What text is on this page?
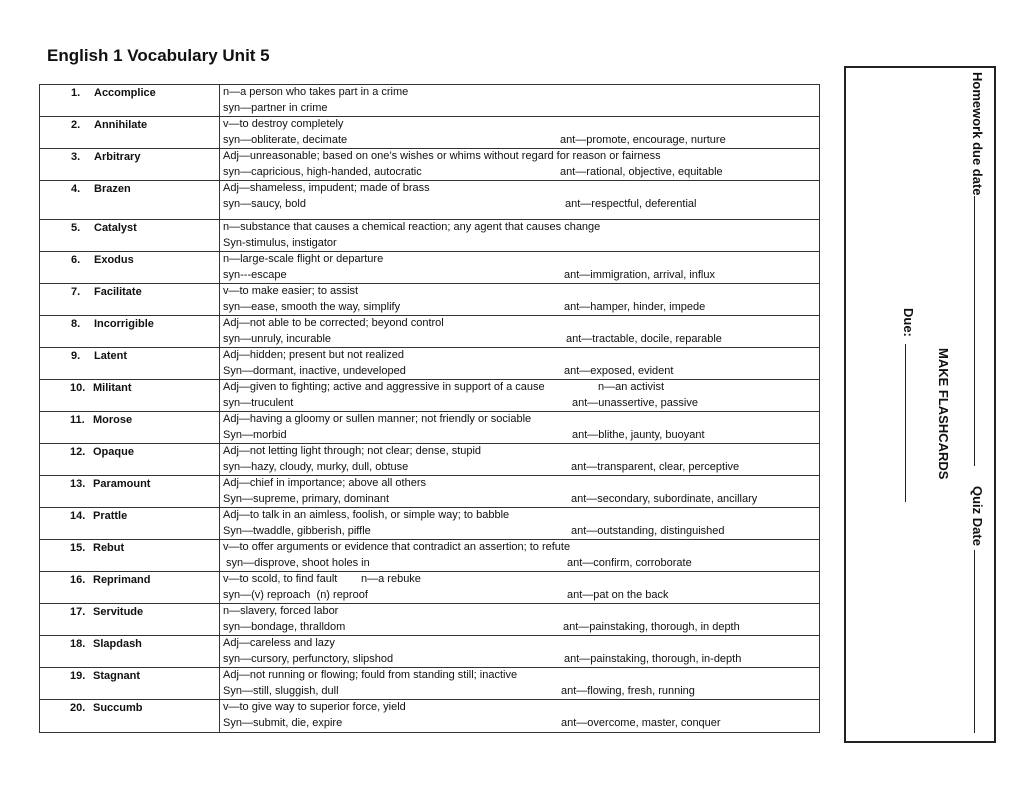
English 1 Vocabulary Unit 5
1. Accomplice	n—a person who takes part in a crime
syn—partner in crime

2. Annihilate	v—to destroy completely
syn—obliterate, decimate ant—promote, encourage, nurture

3. Arbitrary	Adj—unreasonable; based on one’s wishes or whims without regard for reason or fairness
syn—capricious, high-handed, autocratic ant—rational, objective, equitable

4. Brazen	Adj—shameless, impudent; made of brass
syn—saucy, bold ant—respectful, deferential

5. Catalyst	n—substance that causes a chemical reaction; any agent that causes change
Syn-stimulus, instigator

6. Exodus	n—large-scale flight or departure
syn---escape ant—immigration, arrival, influx

7. Facilitate	v—to make easier; to assist
syn—ease, smooth the way, simplify ant—hamper, hinder, impede

8. Incorrigible	Adj—not able to be corrected; beyond control
syn—unruly, incurable ant—tractable, docile, reparable

9. Latent	Adj—hidden; present but not realized
Syn—dormant, inactive, undeveloped ant—exposed, evident

10. Militant	Adj—given to fighting; active and aggressive in support of a cause n—an activist
syn—truculent ant—unassertive, passive

11. Morose	Adj—having a gloomy or sullen manner; not friendly or sociable
Syn—morbid ant—blithe, jaunty, buoyant

12. Opaque	Adj—not letting light through; not clear; dense, stupid
syn—hazy, cloudy, murky, dull, obtuse ant—transparent, clear, perceptive

13. Paramount	Adj—chief in importance; above all others
Syn—supreme, primary, dominant ant—secondary, subordinate, ancillary

14. Prattle	Adj—to talk in an aimless, foolish, or simple way; to babble
Syn—twaddle, gibberish, piffle ant—outstanding, distinguished

15. Rebut	v—to offer arguments or evidence that contradict an assertion; to refute
syn—disprove, shoot holes in ant—confirm, corroborate

16. Reprimand	v—to scold, to find fault n—a rebuke
syn—(v) reproach  (n) reproof ant—pat on the back

17. Servitude	n—slavery, forced labor
syn—bondage, thralldom ant—painstaking, thorough, in depth

18. Slapdash	Adj—careless and lazy
syn—cursory, perfunctory, slipshod ant—painstaking, thorough, in-depth

19. Stagnant	Adj—not running or flowing; fould from standing still; inactive
Syn—still, sluggish, dull ant—flowing, fresh, running

20. Succumb	v—to give way to superior force, yield
Syn—submit, die, expire ant—overcome, master, conquer
Homework due date
Quiz Date
MAKE FLASHCARDS
Due:
